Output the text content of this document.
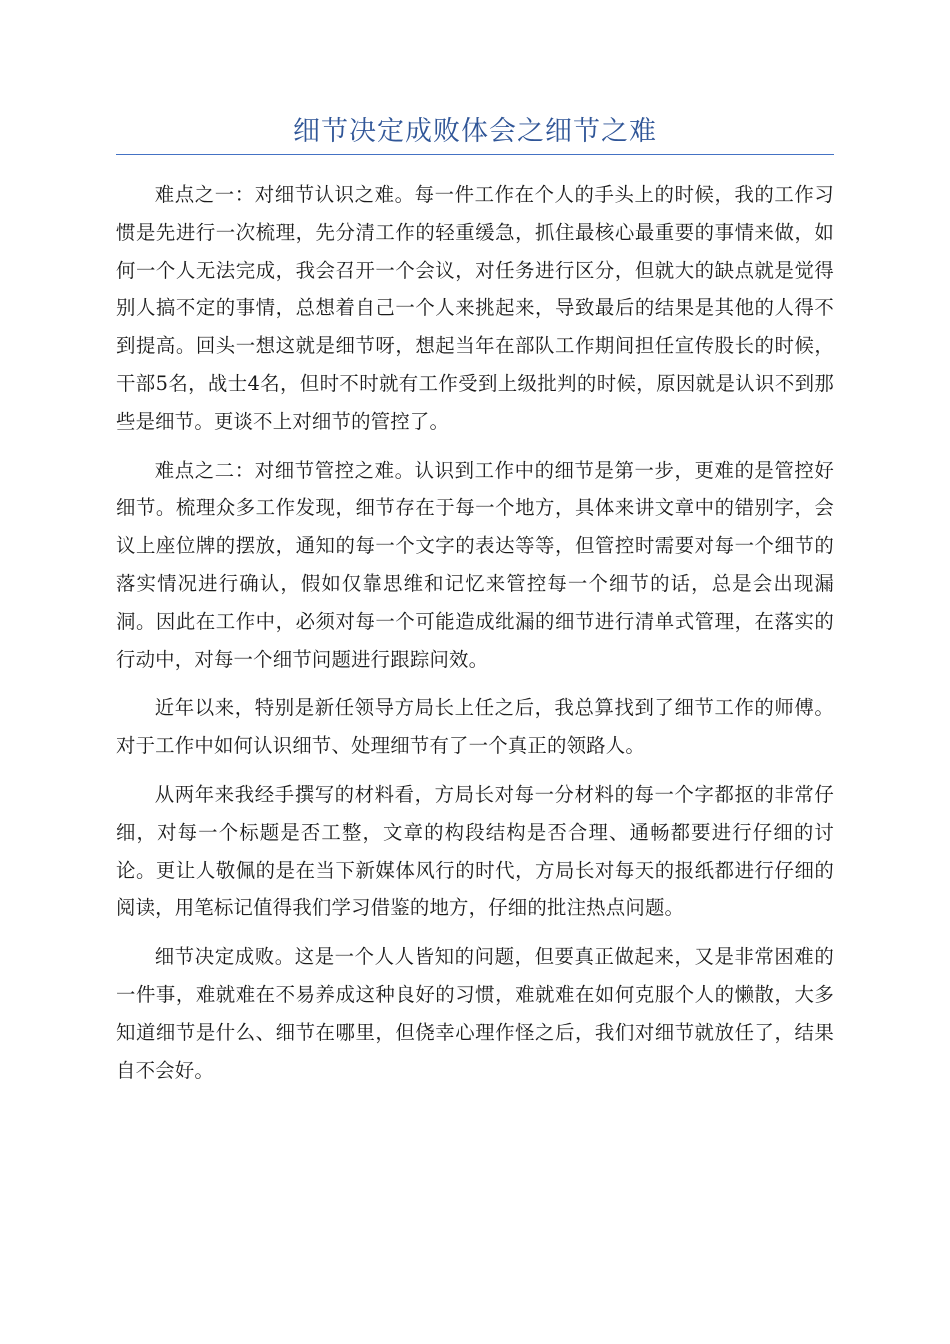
细节决定成败体会之细节之难

难点之一：对细节认识之难。每一件工作在个人的手头上的时候，我的工作习惯是先进行一次梳理，先分清工作的轻重缓急，抓住最核心最重要的事情来做，如何一个人无法完成，我会召开一个会议，对任务进行区分，但就大的缺点就是觉得别人搞不定的事情，总想着自己一个人来挑起来，导致最后的结果是其他的人得不到提高。回头一想这就是细节呀，想起当年在部队工作期间担任宣传股长的时候，干部5名，战士4名，但时不时就有工作受到上级批判的时候，原因就是认识不到那些是细节。更谈不上对细节的管控了。

难点之二：对细节管控之难。认识到工作中的细节是第一步，更难的是管控好细节。梳理众多工作发现，细节存在于每一个地方，具体来讲文章中的错别字，会议上座位牌的摆放，通知的每一个文字的表达等等，但管控时需要对每一个细节的落实情况进行确认，假如仅靠思维和记忆来管控每一个细节的话，总是会出现漏洞。因此在工作中，必须对每一个可能造成纰漏的细节进行清单式管理，在落实的行动中，对每一个细节问题进行跟踪问效。

近年以来，特别是新任领导方局长上任之后，我总算找到了细节工作的师傅。对于工作中如何认识细节、处理细节有了一个真正的领路人。

从两年来我经手撰写的材料看，方局长对每一分材料的每一个字都抠的非常仔细，对每一个标题是否工整，文章的构段结构是否合理、通畅都要进行仔细的讨论。更让人敬佩的是在当下新媒体风行的时代，方局长对每天的报纸都进行仔细的阅读，用笔标记值得我们学习借鉴的地方，仔细的批注热点问题。

细节决定成败。这是一个人人皆知的问题，但要真正做起来，又是非常困难的一件事，难就难在不易养成这种良好的习惯，难就难在如何克服个人的懒散，大多知道细节是什么、细节在哪里，但侥幸心理作怪之后，我们对细节就放任了，结果自不会好。
